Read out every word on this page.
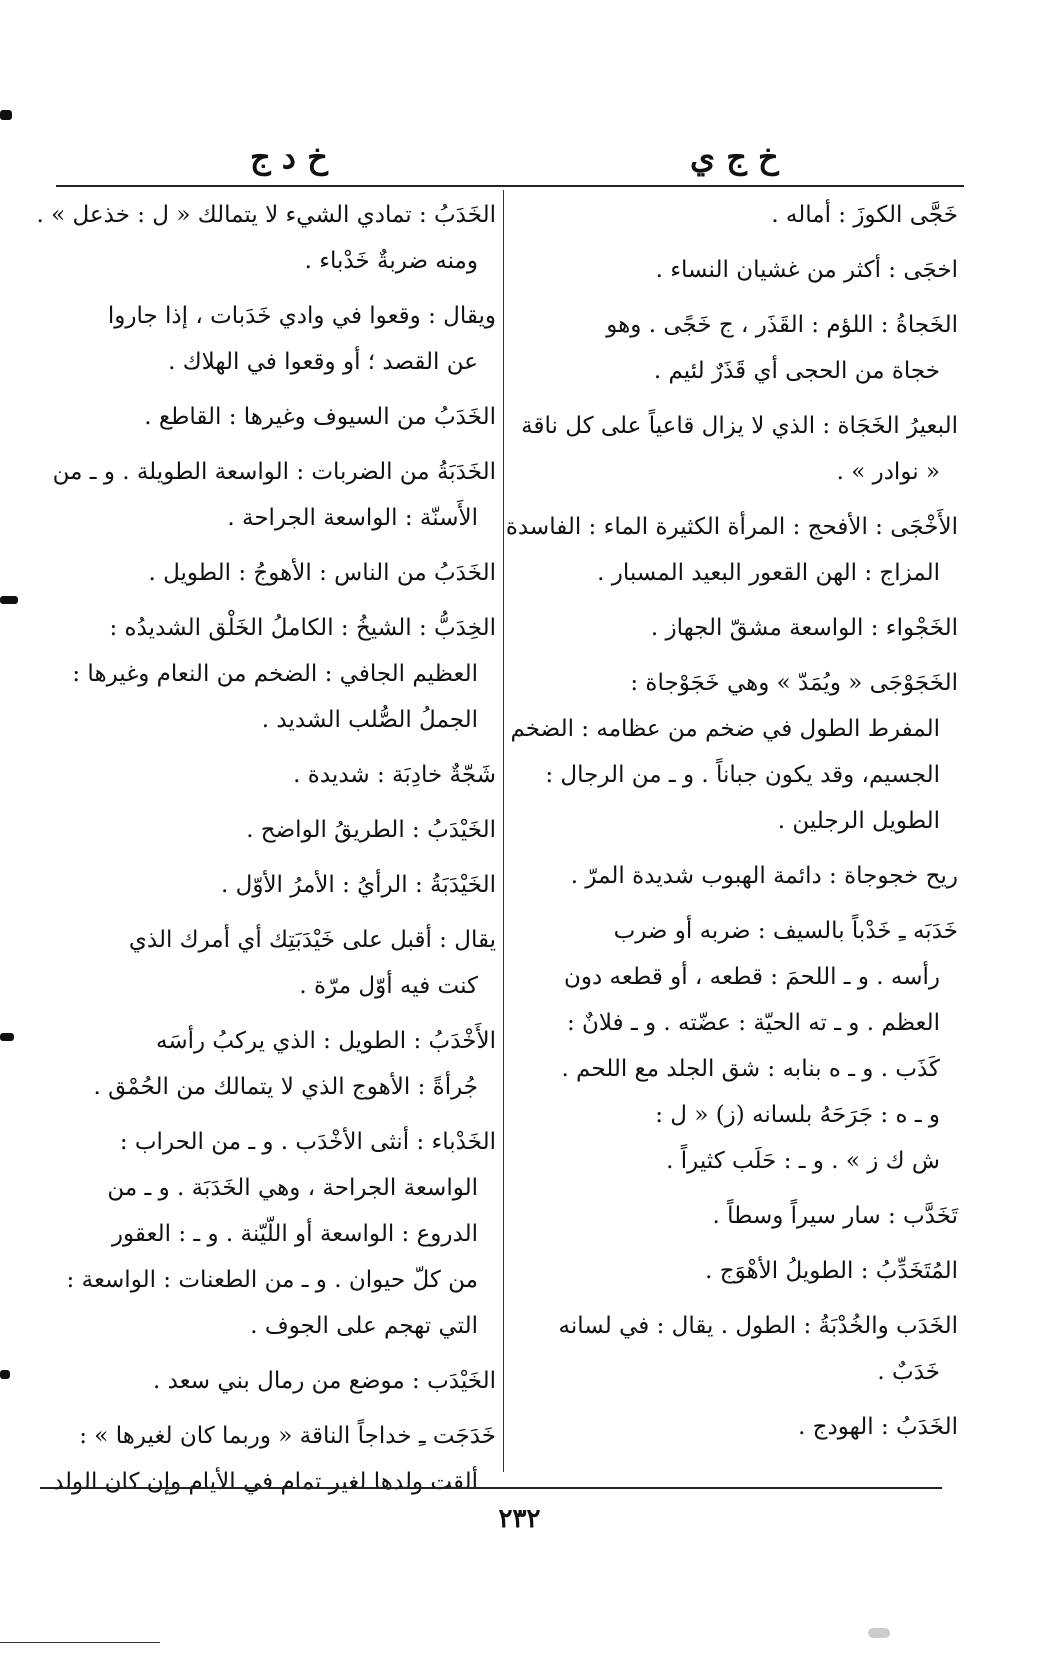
خ ج ي
خ د ج
خَجَّى الكوزَ : أماله .
اخجَى : أكثر من غشيان النساء .
الخَجاةُ : اللؤم : القَذَر ، ج خَجًى . وهو
خجاة من الحجى أي قَذَرٌ لئيم .
البعيرُ الخَجَاة : الذي لا يزال قاعياً على كل ناقة
« نوادر » .
الأَخْجَى : الأفحج : المرأة الكثيرة الماء : الفاسدة
المزاج : الهن القعور البعيد المسبار .
الخَجْواء : الواسعة مشقّ الجهاز .
الخَجَوْجَى « ويُمَدّ » وهي خَجَوْجاة :
المفرط الطول في ضخم من عظامه : الضخم
الجسيم، وقد يكون جباناً . و ـ من الرجال :
الطويل الرجلين .
ريح خجوجاة : دائمة الهبوب شديدة المرّ .
خَدَبَه ـِ خَدْباً بالسيف : ضربه أو ضرب
رأسه . و ـ اللحمَ : قطعه ، أو قطعه دون
العظم . و ـ ته الحيّة : عضّته . و ـ فلانٌ :
كَذَب . و ـ ه بنابه : شق الجلد مع اللحم .
و ـ ه : جَرَحَهُ بلسانه (ز) « ل :
ش ك ز » . و ـ : حَلَب كثيراً .
تَخَدَّب : سار سيراً وسطاً .
المُتَخَدِّبُ : الطويلُ الأهْوَج .
الخَدَب والخُدْبَةُ : الطول . يقال : في لسانه
خَدَبٌ .
الخَدَبُ : الهودج .
الخَدَبُ : تمادي الشيء لا يتمالك « ل : خذعل » .
ومنه ضربةٌ خَدْباء .
ويقال : وقعوا في وادي خَدَبات ، إذا جاروا
عن القصد ؛ أو وقعوا في الهلاك .
الخَدَبُ من السيوف وغيرها : القاطع .
الخَدَبَةُ من الضربات : الواسعة الطويلة . و ـ من
الأَسنّة : الواسعة الجراحة .
الخَدَبُ من الناس : الأهوجُ : الطويل .
الخِدَبُّ : الشيخُ : الكاملُ الخَلْق الشديدُه :
العظيم الجافي : الضخم من النعام وغيرها :
الجملُ الصُّلب الشديد .
شَجّةٌ خادِبَة : شديدة .
الخَيْدَبُ : الطريقُ الواضح .
الخَيْدَبَةُ : الرأيُ : الأمرُ الأوّل .
يقال : أقبل على خَيْدَبَتِك أي أمرك الذي
كنت فيه أوّل مرّة .
الأَخْدَبُ : الطويل : الذي يركبُ رأسَه
جُرأةً : الأهوج الذي لا يتمالك من الحُمْق .
الخَدْباء : أنثى الأخْدَب . و ـ من الحراب :
الواسعة الجراحة ، وهي الخَدَبَة . و ـ من
الدروع : الواسعة أو اللّيّنة . و ـ : العقور
من كلّ حيوان . و ـ من الطعنات : الواسعة :
التي تهجم على الجوف .
الخَيْدَب : موضع من رمال بني سعد .
خَدَجَت ـِ خداجاً الناقة « وربما كان لغيرها » :
ألقت ولدها لغير تمام في الأيام وإن كان الولد
٢٣٢
